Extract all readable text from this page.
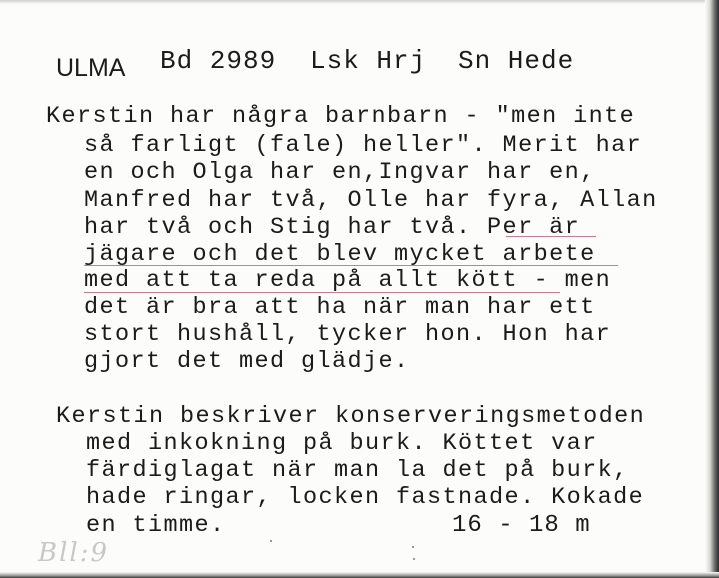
ULMA Bd 2989 Lsk Hrj Sn Hede
Kerstin har några barnbarn - "men inte
så farligt (fale) heller". Merit har
en och Olga har en,Ingvar har en,
Manfred har två, Olle har fyra, Allan
har två och Stig har två. Per är
jägare och det blev mycket arbete
med att ta reda på allt kött - men
det är bra att ha när man har ett
stort hushåll, tycker hon. Hon har
gjort det med glädje.
Kerstin beskriver konserveringsmetoden
med inkokning på burk. Köttet var
färdiglagat när man la det på burk,
hade ringar, locken fastnade. Kokade
en timme.	16 - 18 m
Bll:9
